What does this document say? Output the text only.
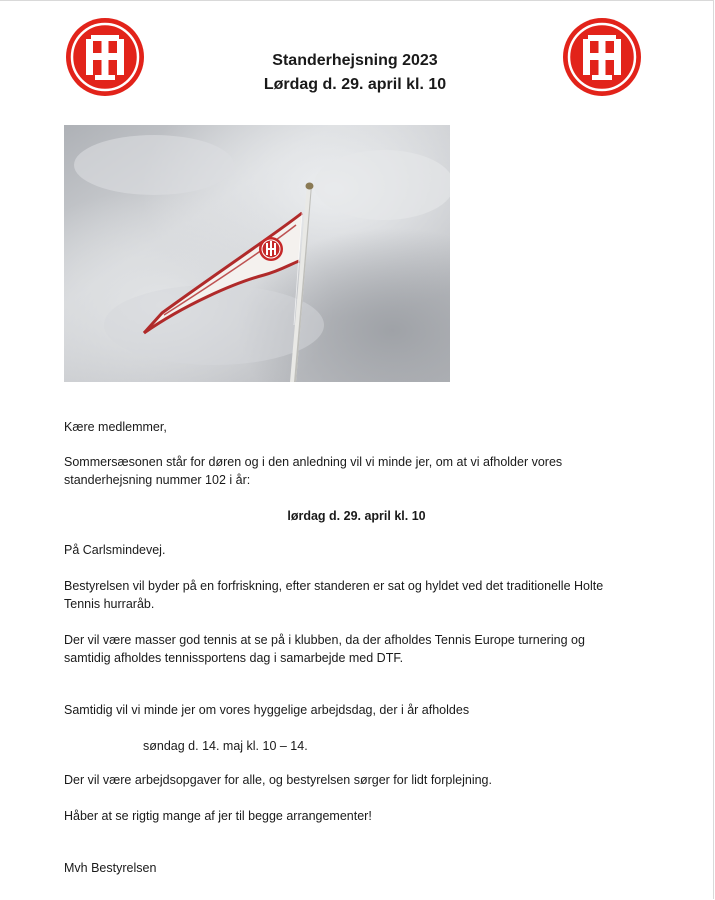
Standerhejsning 2023
Lørdag d. 29. april kl. 10
Kære medlemmer,
Sommersæsonen står for døren og i den anledning vil vi minde jer, om at vi afholder vores
standerhejsning nummer 102 i år:
lørdag d. 29. april kl. 10
På Carlsmindevej.
Bestyrelsen vil byder på en forfriskning, efter standeren er sat og hyldet ved det traditionelle Holte
Tennis hurraråb.
Der vil være masser god tennis at se på i klubben, da der afholdes Tennis Europe turnering og
samtidig afholdes tennissportens dag i samarbejde med DTF.
Samtidig vil vi minde jer om vores hyggelige arbejdsdag, der i år afholdes
søndag d. 14. maj kl. 10 – 14.
Der vil være arbejdsopgaver for alle, og bestyrelsen sørger for lidt forplejning.
Håber at se rigtig mange af jer til begge arrangementer!
Mvh Bestyrelsen
